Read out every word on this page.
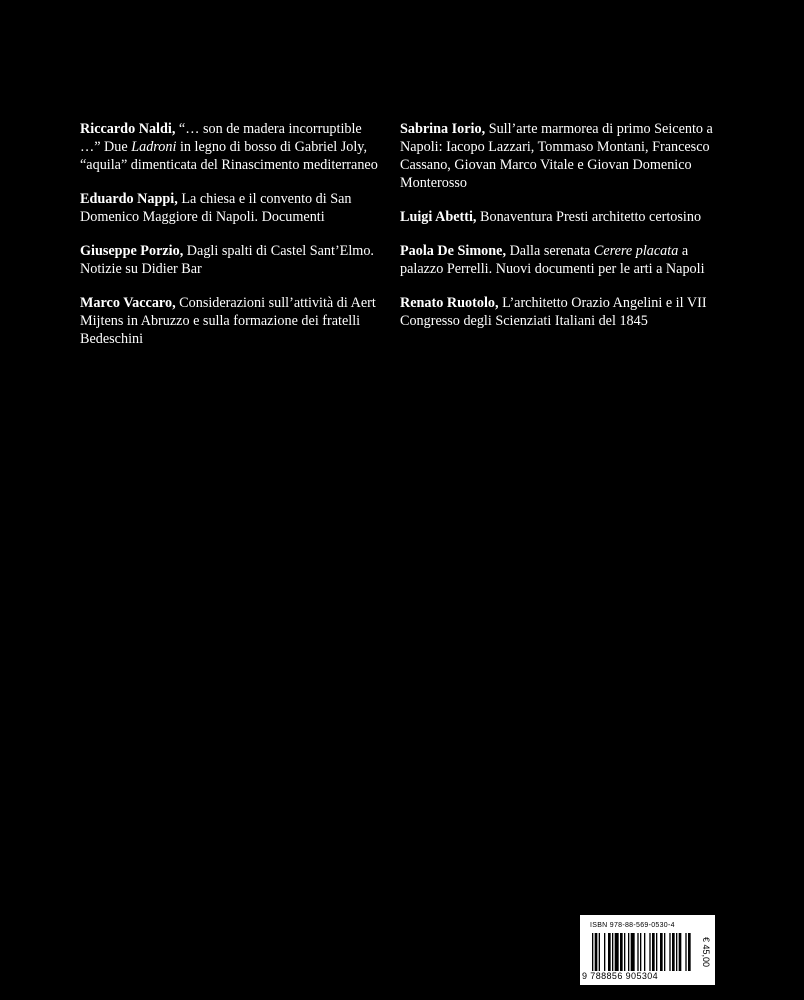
Riccardo Naldi, “… son de madera incorruptible …” Due Ladroni in legno di bosso di Gabriel Joly, “aquila” dimenticata del Rinascimento mediterraneo
Eduardo Nappi, La chiesa e il convento di San Domenico Maggiore di Napoli. Documenti
Giuseppe Porzio, Dagli spalti di Castel Sant’Elmo. Notizie su Didier Bar
Marco Vaccaro, Considerazioni sull’attività di Aert Mijtens in Abruzzo e sulla formazione dei fratelli Bedeschini
Sabrina Iorio, Sull’arte marmorea di primo Seicento a Napoli: Iacopo Lazzari, Tommaso Montani, Francesco Cassano, Giovan Marco Vitale e Giovan Domenico Monterosso
Luigi Abetti, Bonaventura Presti architetto certosino
Paola De Simone, Dalla serenata Cerere placata a palazzo Perrelli. Nuovi documenti per le arti a Napoli
Renato Ruotolo, L’architetto Orazio Angelini e il VII Congresso degli Scienziati Italiani del 1845
ISBN 978-88-569-0530-4
9 788856 905304
€ 45,00
